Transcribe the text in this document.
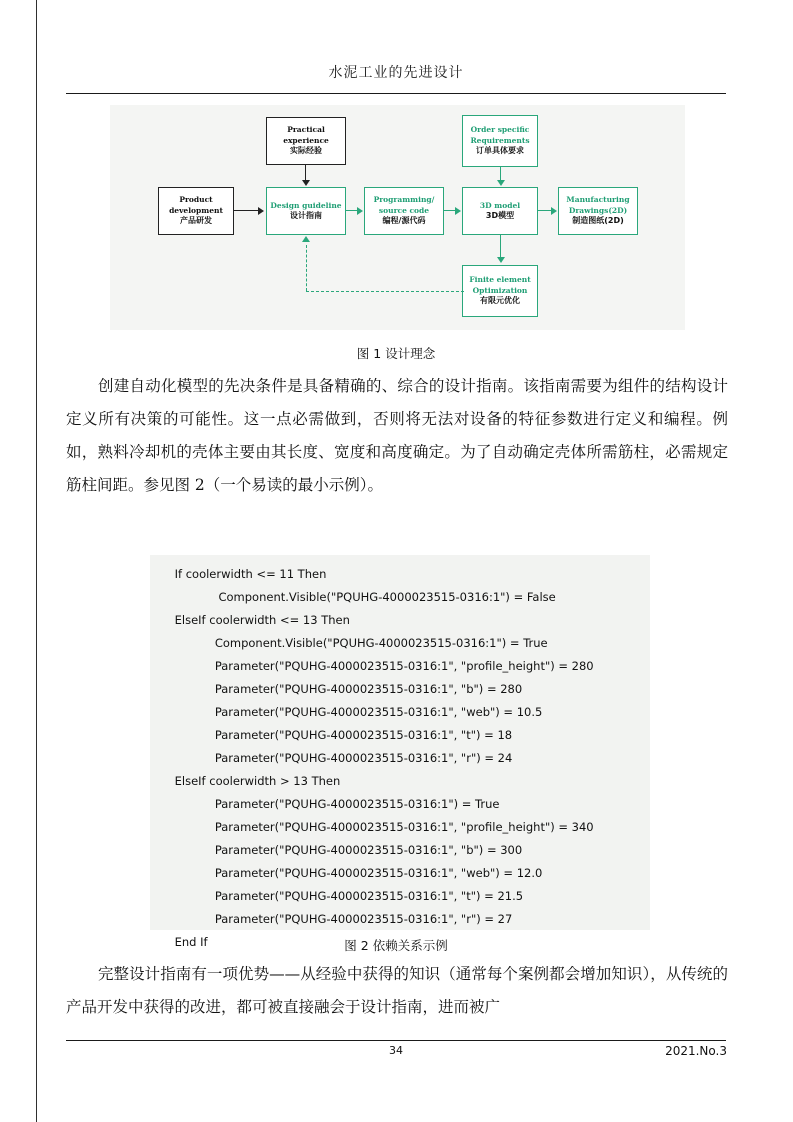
水泥工业的先进设计
Practical experience
实际经验
Order specific Requirements
订单具体要求
Product development
产品研发
Design guideline
设计指南
Programming/ source code
编程/源代码
3D model
3D模型
Manufacturing Drawings(2D)
制造图纸(2D)
Finite element Optimization
有限元优化
图 1 设计理念
创建自动化模型的先决条件是具备精确的、综合的设计指南。该指南需要为组件的结构设计定义所有决策的可能性。这一点必需做到，否则将无法对设备的特征参数进行定义和编程。例如，熟料冷却机的壳体主要由其长度、宽度和高度确定。为了自动确定壳体所需筋柱，必需规定筋柱间距。参见图 2（一个易读的最小示例）。
If coolerwidth <= 11 Then
Component.Visible("PQUHG-4000023515-0316:1") = False
ElseIf coolerwidth <= 13 Then
Component.Visible("PQUHG-4000023515-0316:1") = True
Parameter("PQUHG-4000023515-0316:1", "profile_height") = 280
Parameter("PQUHG-4000023515-0316:1", "b") = 280
Parameter("PQUHG-4000023515-0316:1", "web") = 10.5
Parameter("PQUHG-4000023515-0316:1", "t") = 18
Parameter("PQUHG-4000023515-0316:1", "r") = 24
ElseIf coolerwidth > 13 Then
Parameter("PQUHG-4000023515-0316:1") = True
Parameter("PQUHG-4000023515-0316:1", "profile_height") = 340
Parameter("PQUHG-4000023515-0316:1", "b") = 300
Parameter("PQUHG-4000023515-0316:1", "web") = 12.0
Parameter("PQUHG-4000023515-0316:1", "t") = 21.5
Parameter("PQUHG-4000023515-0316:1", "r") = 27
End If	图 2 依赖关系示例
完整设计指南有一项优势——从经验中获得的知识（通常每个案例都会增加知识），从传统的产品开发中获得的改进，都可被直接融会于设计指南，进而被广
34	2021.No.3
